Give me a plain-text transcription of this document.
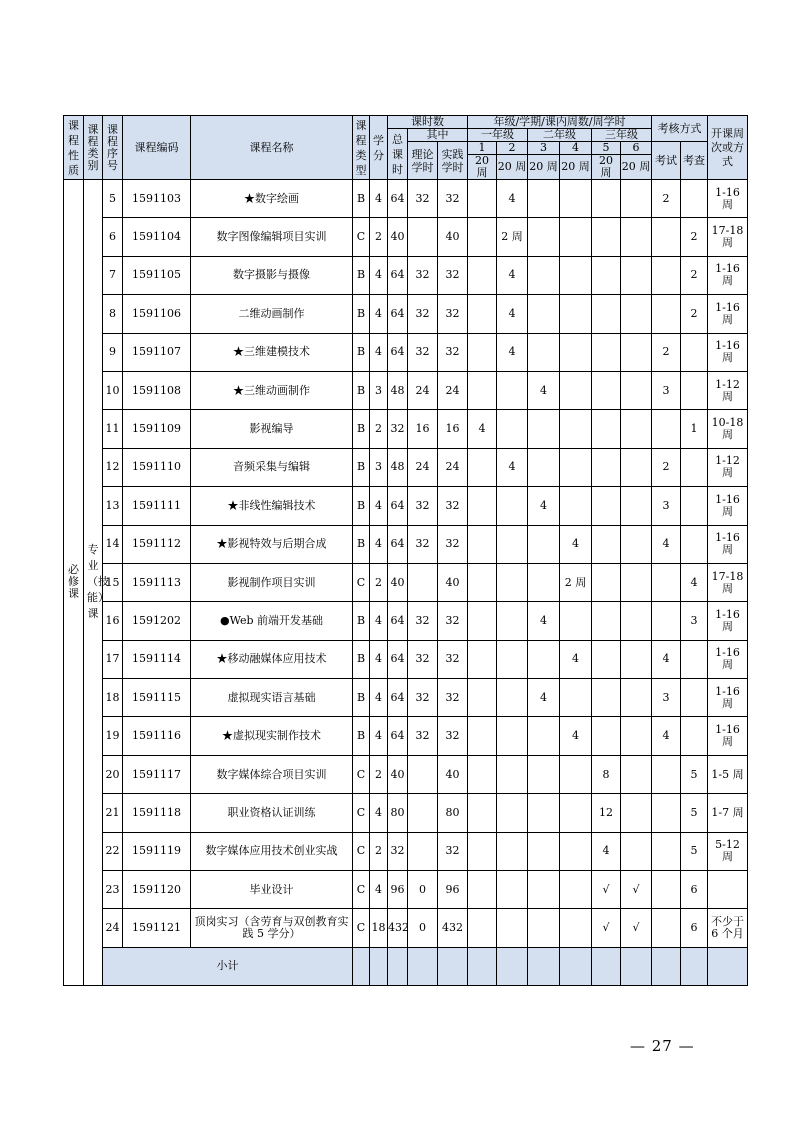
课程性质	课程类别	课程序号	课程编码	课程名称	课程类型	学分	课时数			年级/学期/课内周数/周学时						考核方式		开课周次或方式
							总课时	其中		一年级		二年级		三年级				
								理论学时	实践学时	1	2	3	4	5	6	考试	考查	
										20 周	20 周	20 周	20 周	20 周	20 周			
必修课	专业（技能）课	5	1591103	★数字绘画	B	4	64	32	32		4					2		1-16 周
		6	1591104	数字图像编辑项目实训	C	2	40		40		2 周						2	17-18 周
		7	1591105	数字摄影与摄像	B	4	64	32	32		4						2	1-16 周
		8	1591106	二维动画制作	B	4	64	32	32		4						2	1-16 周
		9	1591107	★三维建模技术	B	4	64	32	32		4					2		1-16 周
		10	1591108	★三维动画制作	B	3	48	24	24			4				3		1-12 周
		11	1591109	影视编导	B	2	32	16	16	4							1	10-18 周
		12	1591110	音频采集与编辑	B	3	48	24	24		4					2		1-12 周
		13	1591111	★非线性编辑技术	B	4	64	32	32			4				3		1-16 周
		14	1591112	★影视特效与后期合成	B	4	64	32	32				4			4		1-16 周
		15	1591113	影视制作项目实训	C	2	40		40				2 周				4	17-18 周
		16	1591202	●Web 前端开发基础	B	4	64	32	32			4					3	1-16 周
		17	1591114	★移动融媒体应用技术	B	4	64	32	32				4			4		1-16 周
		18	1591115	虚拟现实语言基础	B	4	64	32	32			4				3		1-16 周
		19	1591116	★虚拟现实制作技术	B	4	64	32	32				4			4		1-16 周
		20	1591117	数字媒体综合项目实训	C	2	40		40					8			5	1-5 周
		21	1591118	职业资格认证训练	C	4	80		80					12			5	1-7 周
		22	1591119	数字媒体应用技术创业实战	C	2	32		32					4			5	5-12 周
		23	1591120	毕业设计	C	4	96	0	96					√	√		6	
		24	1591121	顶岗实习（含劳育与双创教育实践 5 学分）	C	18	432	0	432					√	√		6	不少于 6 个月
		小计																
— 27 —
